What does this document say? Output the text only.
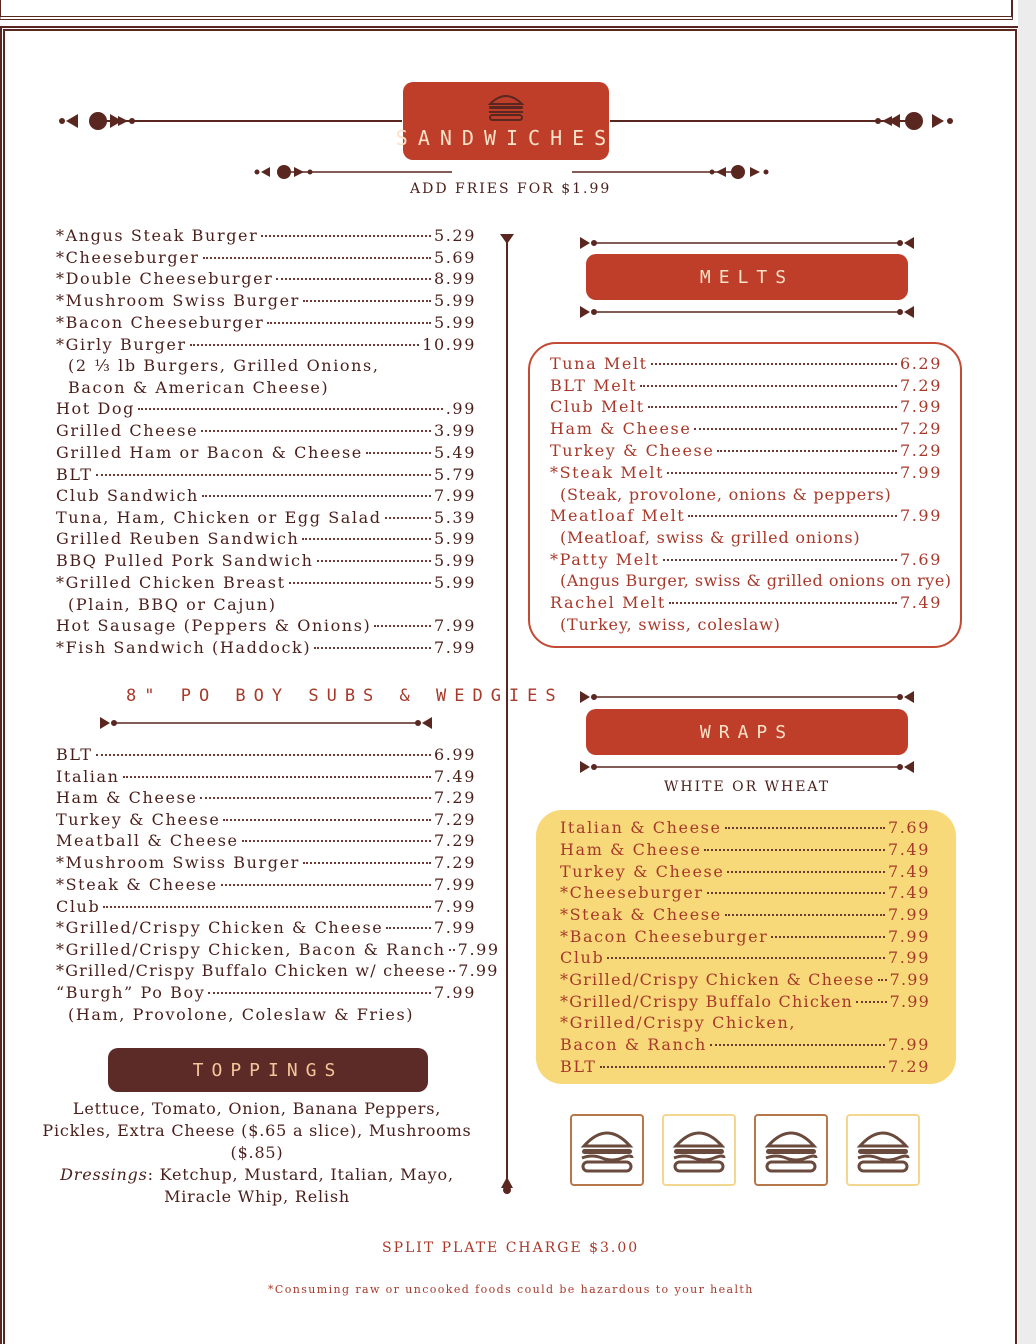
SANDWICHES
ADD FRIES FOR $1.99
*Angus Steak Burger	5.29
*Cheeseburger	5.69
*Double Cheeseburger	8.99
*Mushroom Swiss Burger	5.99
*Bacon Cheeseburger	5.99
*Girly Burger	10.99
(2 ⅓ lb Burgers, Grilled Onions,
Bacon & American Cheese)
Hot Dog	.99
Grilled Cheese	3.99
Grilled Ham or Bacon & Cheese	5.49
BLT	5.79
Club Sandwich	7.99
Tuna, Ham, Chicken or Egg Salad	5.39
Grilled Reuben Sandwich	5.99
BBQ Pulled Pork Sandwich	5.99
*Grilled Chicken Breast	5.99
(Plain, BBQ or Cajun)
Hot Sausage (Peppers & Onions)	7.99
*Fish Sandwich (Haddock)	7.99
8" PO BOY SUBS & WEDGIES
BLT	6.99
Italian	7.49
Ham & Cheese	7.29
Turkey & Cheese	7.29
Meatball & Cheese	7.29
*Mushroom Swiss Burger	7.29
*Steak & Cheese	7.99
Club	7.99
*Grilled/Crispy Chicken & Cheese	7.99
*Grilled/Crispy Chicken, Bacon & Ranch 7.99
*Grilled/Crispy Buffalo Chicken w/ cheese 7.99
“Burgh” Po Boy	7.99
(Ham, Provolone, Coleslaw & Fries)
TOPPINGS
Lettuce, Tomato, Onion, Banana Peppers,
Pickles, Extra Cheese ($.65 a slice), Mushrooms ($.85)
Dressings: Ketchup, Mustard, Italian, Mayo,
Miracle Whip, Relish
MELTS
Tuna Melt	6.29
BLT Melt	7.29
Club Melt	7.99
Ham & Cheese	7.29
Turkey & Cheese	7.29
*Steak Melt	7.99
(Steak, provolone, onions & peppers)
Meatloaf Melt	7.99
(Meatloaf, swiss & grilled onions)
*Patty Melt	7.69
(Angus Burger, swiss & grilled onions on rye)
Rachel Melt	7.49
(Turkey, swiss, coleslaw)
WRAPS
WHITE OR WHEAT
Italian & Cheese	7.69
Ham & Cheese	7.49
Turkey & Cheese	7.49
*Cheeseburger	7.49
*Steak & Cheese	7.99
*Bacon Cheeseburger	7.99
Club	7.99
*Grilled/Crispy Chicken & Cheese 7.99
*Grilled/Crispy Buffalo Chicken 7.99
*Grilled/Crispy Chicken,
Bacon & Ranch	7.99
BLT	7.29
SPLIT PLATE CHARGE $3.00
*Consuming raw or uncooked foods could be hazardous to your health
